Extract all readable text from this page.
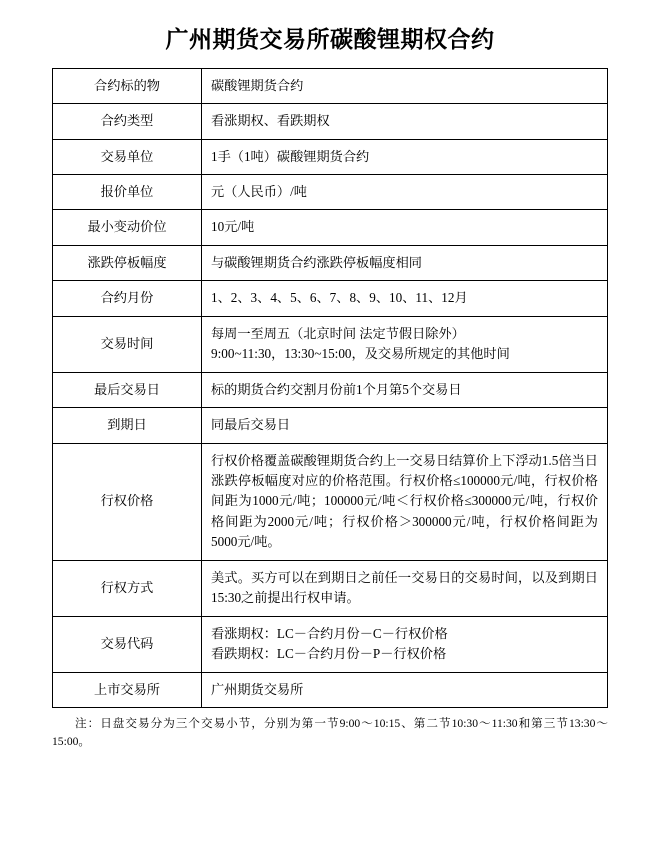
广州期货交易所碳酸锂期权合约
合约标的物	碳酸锂期货合约

合约类型	看涨期权、看跌期权

交易单位	1手（1吨）碳酸锂期货合约

报价单位	元（人民币）/吨

最小变动价位	10元/吨

涨跌停板幅度	与碳酸锂期货合约涨跌停板幅度相同

合约月份	1、2、3、4、5、6、7、8、9、10、11、12月

交易时间	每周一至周五（北京时间 法定节假日除外）
9:00~11:30，13:30~15:00，及交易所规定的其他时间

最后交易日	标的期货合约交割月份前1个月第5个交易日

到期日	同最后交易日

行权价格	行权价格覆盖碳酸锂期货合约上一交易日结算价上下浮动1.5倍当日涨跌停板幅度对应的价格范围。行权价格≤100000元/吨，行权价格间距为1000元/吨；100000元/吨＜行权价格≤300000元/吨，行权价格间距为2000元/吨；行权价格＞300000元/吨，行权价格间距为5000元/吨。

行权方式	美式。买方可以在到期日之前任一交易日的交易时间，以及到期日15:30之前提出行权申请。

交易代码	看涨期权：LC－合约月份－C－行权价格
看跌期权：LC－合约月份－P－行权价格

上市交易所	广州期货交易所
注：日盘交易分为三个交易小节，分别为第一节9:00～10:15、第二节10:30～11:30和第三节13:30～15:00。
